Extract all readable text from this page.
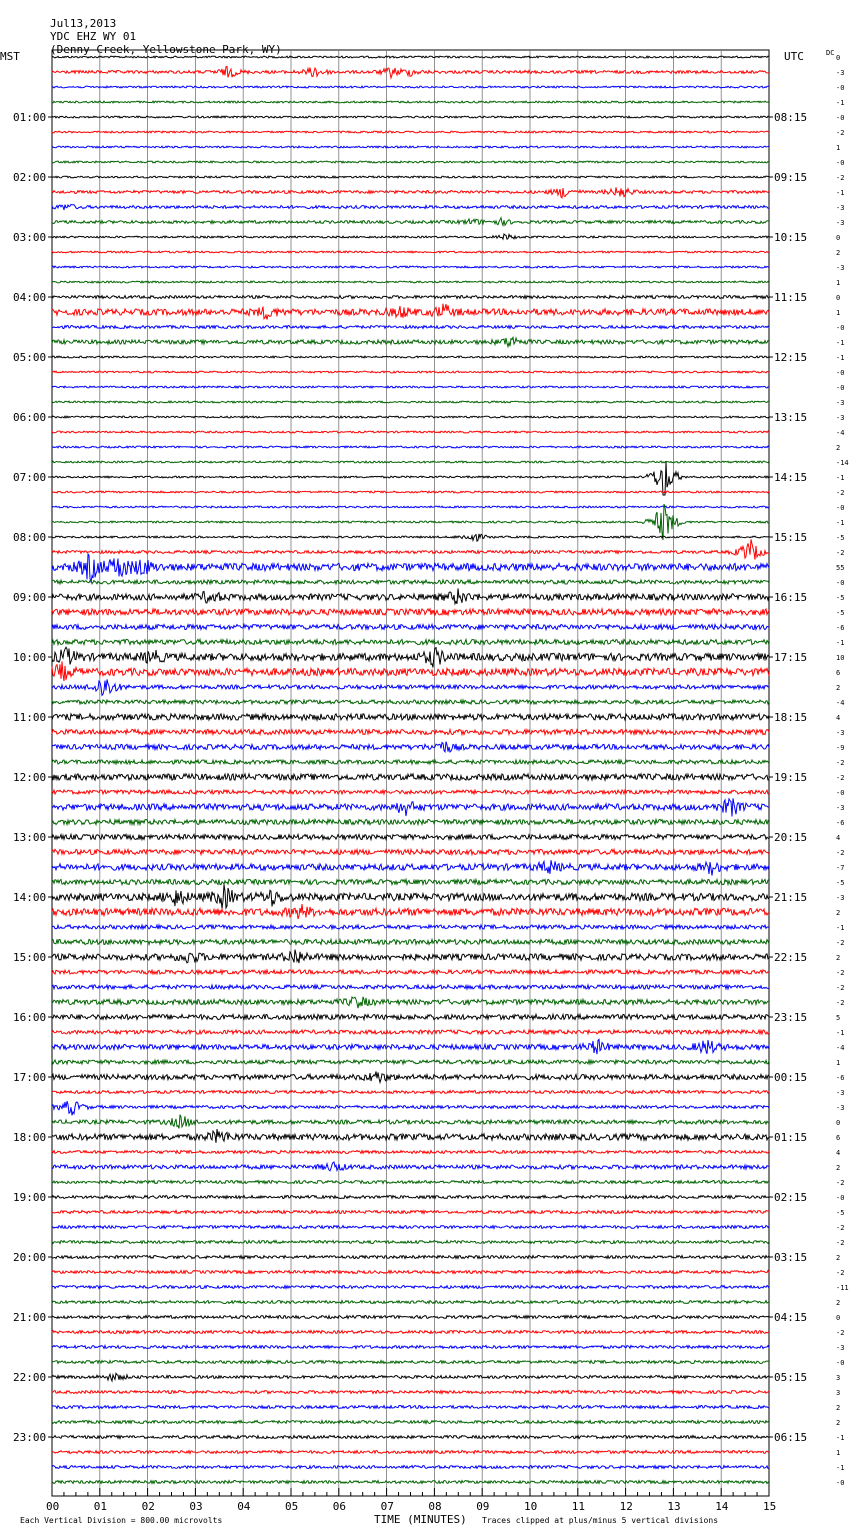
Jul13,2013
YDC EHZ WY 01
(Denny Creek, Yellowstone Park, WY)

0
-3
-0
-1
-0
01:00	08:15
-2
1
-0
-2
02:00	09:15
-1
-3
-3
0
03:00	10:15
2
-3
1
0
04:00	11:15
1
-0
-1
-1
05:00	12:15
-0
-0
-3
-3
06:00	13:15
-4
2
-14
-1
07:00	14:15
-2
-0
-1
-5
08:00	15:15
-2
55
-0
-5
09:00	16:15
-5
-6
-1
10
10:00	17:15
6
2
-4
4
11:00	18:15
-3
-9
-2
-2
12:00	19:15
-0
-3
-6
4
13:00	20:15
-2
-7
-5
-3
14:00	21:15
2
-1
-2
2
15:00	22:15
-2
-2
-2
5
16:00	23:15
-1
-4
1
-6
17:00	00:15
-3
-3
0
6
18:00	01:15
4
2
-2
-0
19:00	02:15
-5
-2
-2
2
20:00	03:15
-2
-11
2
0
21:00	04:15
-2
-3
-0
3
22:00	05:15
3
2
2
-1
23:00	06:15
1
-1
-0
00	01	02	03	04	05	06	07	08	09	10	11	12	13	14	15
MST	UTC	DC
TIME (MINUTES)
Each Vertical Division = 800.00 microvolts	Traces clipped at plus/minus 5 vertical divisions
